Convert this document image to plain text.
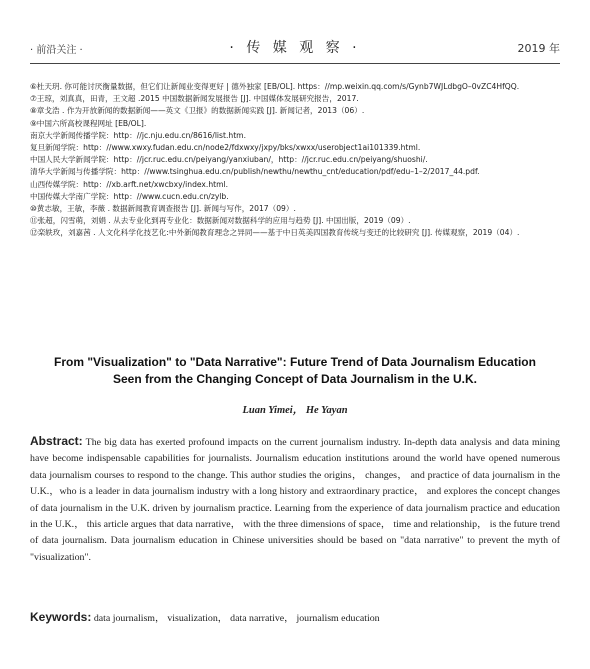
· 前沿关注 ·	· 传 媒 观 察 ·	2019 年
⑥杜天玥. 你可能讨厌衡量数据，但它们让新闻业变得更好 | 德外独家 [EB/OL]. https：//mp.weixin.qq.com/s/Gynb7WJLdbgO–0vZC4HfQQ.
⑦王琼，刘真真，田青，王文超 .2015 中国数据新闻发展报告 [J]. 中国媒体发展研究报告，2017.
⑧章戈浩 . 作为开放新闻的数据新闻——英文《卫报》的数据新闻实践 [J]. 新闻记者，2013（06）.
⑨中国六所高校课程网址 [EB/OL].
南京大学新闻传播学院：http：//jc.nju.edu.cn/8616/list.htm.
复旦新闻学院：http：//www.xwxy.fudan.edu.cn/node2/fdxwxy/jxpy/bks/xwxx/userobject1ai101339.html.
中国人民大学新闻学院：http：//jcr.ruc.edu.cn/peiyang/yanxiuban/，http：//jcr.ruc.edu.cn/peiyang/shuoshi/.
清华大学新闻与传播学院：http：//www.tsinghua.edu.cn/publish/newthu/newthu_cnt/education/pdf/edu–1–2/2017_44.pdf.
山西传媒学院：http：//xb.arft.net/xwcbxy/index.html.
中国传媒大学南广学院：http：//www.cucn.edu.cn/zylb.
⑩黄志敏，王敏，李薇 . 数据新闻教育调查报告 [J]. 新闻与写作，2017（09）.
⑪张超，闪雪萌，刘娟 . 从去专业化到再专业化：数据新闻对数据科学的应用与趋势 [J]. 中国出版，2019（09）.
⑫栾轶玫，刘嘉茜 . 人文化科学化技艺化:中外新闻教育理念之异同——基于中日英美四国教育传统与变迁的比较研究 [J]. 传媒观察，2019（04）.
From "Visualization" to "Data Narrative": Future Trend of Data Journalism Education
Seen from the Changing Concept of Data Journalism in the U.K.
Luan Yimei， He Yayan
Abstract: The big data has exerted profound impacts on the current journalism industry. In-depth data analysis and data mining have become indispensable capabilities for journalists. Journalism education institutions around the world have opened numerous data journalism courses to respond to the change. This author studies the origins， changes， and practice of data journalism in the U.K.，who is a leader in data journalism industry with a long history and extraordinary practice， and explores the concept changes of data journalism in the U.K. driven by journalism practice. Learning from the experience of data journalism practice and education in the U.K.， this article argues that data narrative， with the three dimensions of space， time and relationship， is the future trend of data journalism. Data journalism education in Chinese universities should be based on "data narrative" to prevent the myth of "visualization".
Keywords: data journalism， visualization， data narrative， journalism education
